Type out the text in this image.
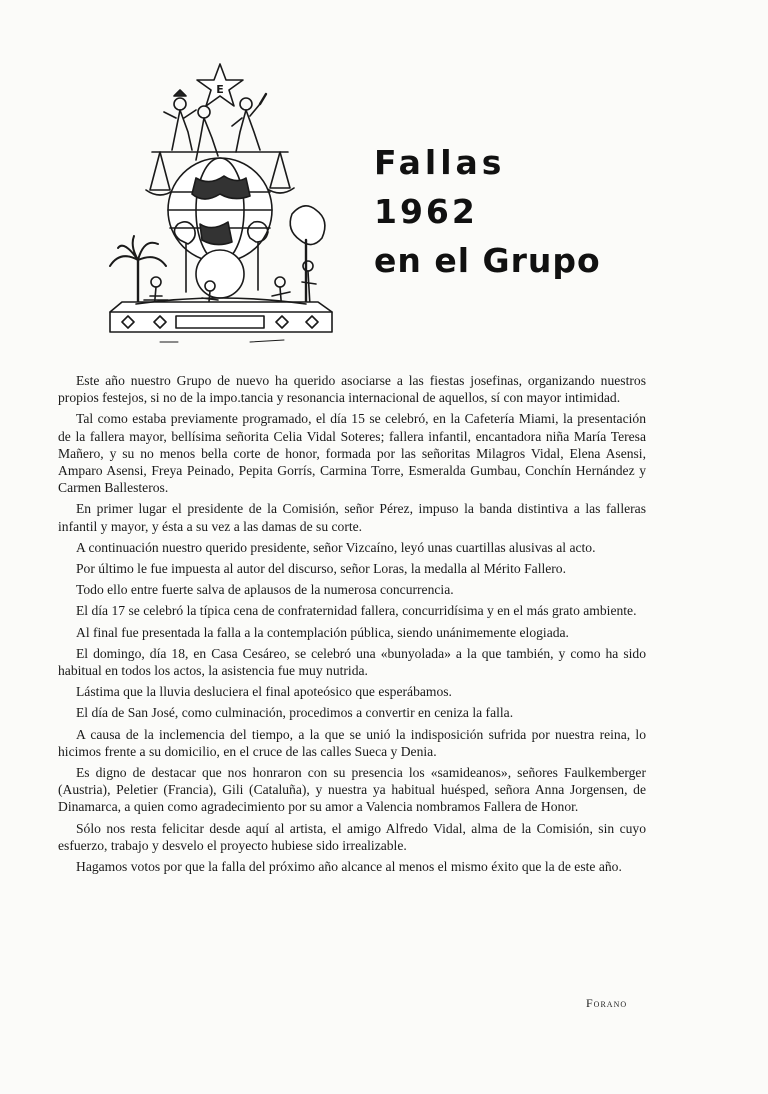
E
Fallas
1962
en el Grupo

Este año nuestro Grupo de nuevo ha querido asociarse a las fiestas josefinas, organizando nuestros propios festejos, si no de la impo.tancia y resonancia internacional de aquellos, sí con mayor intimidad.

Tal como estaba previamente programado, el día 15 se celebró, en la Cafetería Miami, la presentación de la fallera mayor, bellísima señorita Celia Vidal Soteres; fallera infantil, encantadora niña María Teresa Mañero, y su no menos bella corte de honor, formada por las señoritas Milagros Vidal, Elena Asensi, Amparo Asensi, Freya Peinado, Pepita Gorrís, Carmina Torre, Esmeralda Gumbau, Conchín Hernández y Carmen Ballesteros.

En primer lugar el presidente de la Comisión, señor Pérez, impuso la banda distintiva a las falleras infantil y mayor, y ésta a su vez a las damas de su corte.

A continuación nuestro querido presidente, señor Vizcaíno, leyó unas cuartillas alusivas al acto.

Por último le fue impuesta al autor del discurso, señor Loras, la medalla al Mérito Fallero.

Todo ello entre fuerte salva de aplausos de la numerosa concurrencia.

El día 17 se celebró la típica cena de confraternidad fallera, concurridísima y en el más grato ambiente.

Al final fue presentada la falla a la contemplación pública, siendo unánimemente elogiada.

El domingo, día 18, en Casa Cesáreo, se celebró una «bunyolada» a la que también, y como ha sido habitual en todos los actos, la asistencia fue muy nutrida.

Lástima que la lluvia desluciera el final apoteósico que esperábamos.

El día de San José, como culminación, procedimos a convertir en ceniza la falla.

A causa de la inclemencia del tiempo, a la que se unió la indisposición sufrida por nuestra reina, lo hicimos frente a su domicilio, en el cruce de las calles Sueca y Denia.

Es digno de destacar que nos honraron con su presencia los «samideanos», señores Faulkemberger (Austria), Peletier (Francia), Gili (Cataluña), y nuestra ya habitual huésped, señora Anna Jorgensen, de Dinamarca, a quien como agradecimiento por su amor a Valencia nombramos Fallera de Honor.

Sólo nos resta felicitar desde aquí al artista, el amigo Alfredo Vidal, alma de la Comisión, sin cuyo esfuerzo, trabajo y desvelo el proyecto hubiese sido irrealizable.

Hagamos votos por que la falla del próximo año alcance al menos el mismo éxito que la de este año.

Forano
